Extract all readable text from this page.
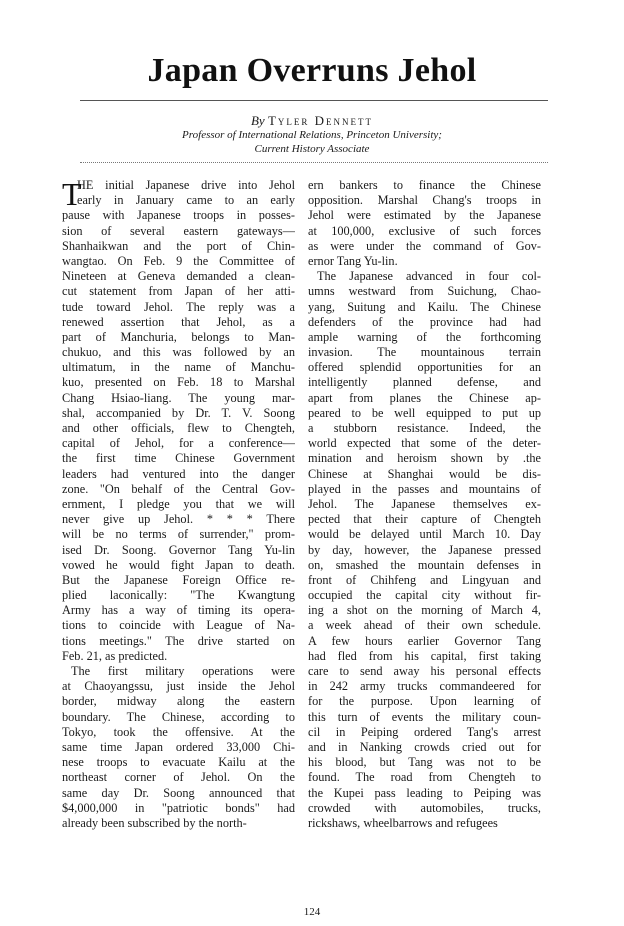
Japan Overruns Jehol
By Tyler Dennett
Professor of International Relations, Princeton University;
Current History Associate
T
HE initial Japanese drive into Jehol
early in January came to an early
pause with Japanese troops in posses-
sion of several eastern gateways—
Shanhaikwan and the port of Chin-
wangtao. On Feb. 9 the Committee of
Nineteen at Geneva demanded a clean-
cut statement from Japan of her atti-
tude toward Jehol. The reply was a
renewed assertion that Jehol, as a
part of Manchuria, belongs to Man-
chukuo, and this was followed by an
ultimatum, in the name of Manchu-
kuo, presented on Feb. 18 to Marshal
Chang Hsiao-liang. The young mar-
shal, accompanied by Dr. T. V. Soong
and other officials, flew to Chengteh,
capital of Jehol, for a conference—
the first time Chinese Government
leaders had ventured into the danger
zone. "On behalf of the Central Gov-
ernment, I pledge you that we will
never give up Jehol. * * * There
will be no terms of surrender," prom-
ised Dr. Soong. Governor Tang Yu-lin
vowed he would fight Japan to death.
But the Japanese Foreign Office re-
plied laconically: "The Kwangtung
Army has a way of timing its opera-
tions to coincide with League of Na-
tions meetings." The drive started on
Feb. 21, as predicted.
The first military operations were
at Chaoyangssu, just inside the Jehol
border, midway along the eastern
boundary. The Chinese, according to
Tokyo, took the offensive. At the
same time Japan ordered 33,000 Chi-
nese troops to evacuate Kailu at the
northeast corner of Jehol. On the
same day Dr. Soong announced that
$4,000,000 in "patriotic bonds" had
already been subscribed by the north-
ern bankers to finance the Chinese
opposition. Marshal Chang's troops in
Jehol were estimated by the Japanese
at 100,000, exclusive of such forces
as were under the command of Gov-
ernor Tang Yu-lin.
The Japanese advanced in four col-
umns westward from Suichung, Chao-
yang, Suitung and Kailu. The Chinese
defenders of the province had had
ample warning of the forthcoming
invasion. The mountainous terrain
offered splendid opportunities for an
intelligently planned defense, and
apart from planes the Chinese ap-
peared to be well equipped to put up
a stubborn resistance. Indeed, the
world expected that some of the deter-
mination and heroism shown by .the
Chinese at Shanghai would be dis-
played in the passes and mountains of
Jehol. The Japanese themselves ex-
pected that their capture of Chengteh
would be delayed until March 10. Day
by day, however, the Japanese pressed
on, smashed the mountain defenses in
front of Chihfeng and Lingyuan and
occupied the capital city without fir-
ing a shot on the morning of March 4,
a week ahead of their own schedule.
A few hours earlier Governor Tang
had fled from his capital, first taking
care to send away his personal effects
in 242 army trucks commandeered for
for the purpose. Upon learning of
this turn of events the military coun-
cil in Peiping ordered Tang's arrest
and in Nanking crowds cried out for
his blood, but Tang was not to be
found. The road from Chengteh to
the Kupei pass leading to Peiping was
crowded with automobiles, trucks,
rickshaws, wheelbarrows and refugees
124
